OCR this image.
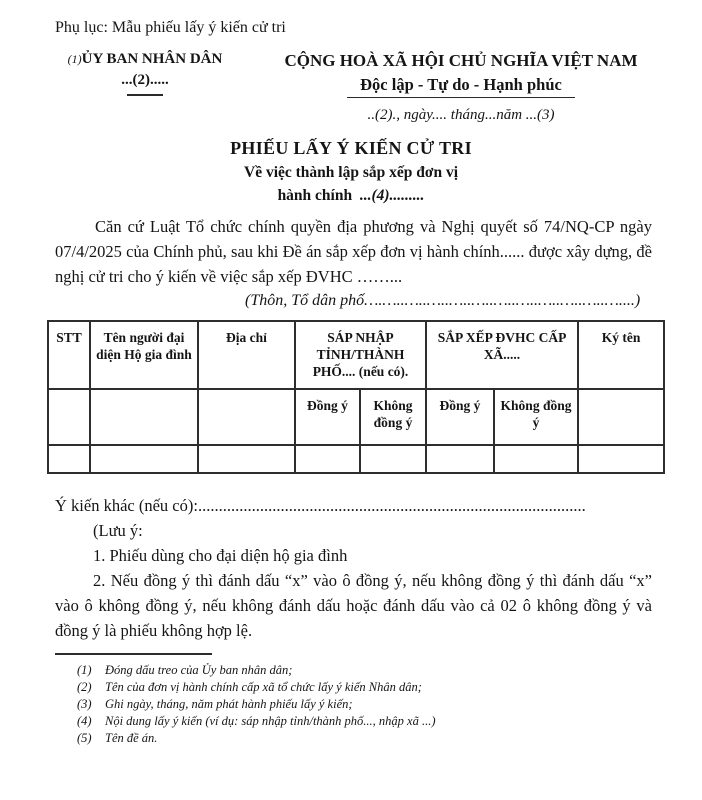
Phụ lục: Mẫu phiếu lấy ý kiến cử tri
(1)ỦY BAN NHÂN DÂN
...(2).....
CỘNG HOÀ XÃ HỘI CHỦ NGHĨA VIỆT NAM
Độc lập - Tự do - Hạnh phúc
..(2)., ngày.... tháng...năm ...(3)
PHIẾU LẤY Ý KIẾN CỬ TRI
Về việc thành lập sắp xếp đơn vị
hành chính ...(4).........

Căn cứ Luật Tổ chức chính quyền địa phương và Nghị quyết số 74/NQ-CP ngày 07/4/2025 của Chính phủ, sau khi Đề án sắp xếp đơn vị hành chính...... được xây dựng, đề nghị cử tri cho ý kiến về việc sắp xếp ĐVHC ……...

(Thôn, Tổ dân phố….…..…..…..…..…..…..…..…..…..…..…....)
STT	Tên người đại diện Hộ gia đình	Địa chỉ	SÁP NHẬP TỈNH/THÀNH PHỐ.... (nếu có).		SẮP XẾP ĐVHC CẤP XÃ.....		Ký tên
			Đồng ý	Không đồng ý	Đồng ý	Không đồng ý	

Ý kiến khác (nếu có):..............................................................................................
(Lưu ý:
1. Phiếu dùng cho đại diện hộ gia đình

2. Nếu đồng ý thì đánh dấu “x” vào ô đồng ý, nếu không đồng ý thì đánh dấu “x” vào ô không đồng ý, nếu không đánh dấu hoặc đánh dấu vào cả 02 ô không đồng ý và đồng ý là phiếu không hợp lệ.

(1)	Đóng dấu treo của Ủy ban nhân dân;
(2)	Tên của đơn vị hành chính cấp xã tổ chức lấy ý kiến Nhân dân;
(3)	Ghi ngày, tháng, năm phát hành phiếu lấy ý kiến;
(4)	Nội dung lấy ý kiến (ví dụ: sáp nhập tỉnh/thành phố..., nhập xã ...)
(5)	Tên đề án.
